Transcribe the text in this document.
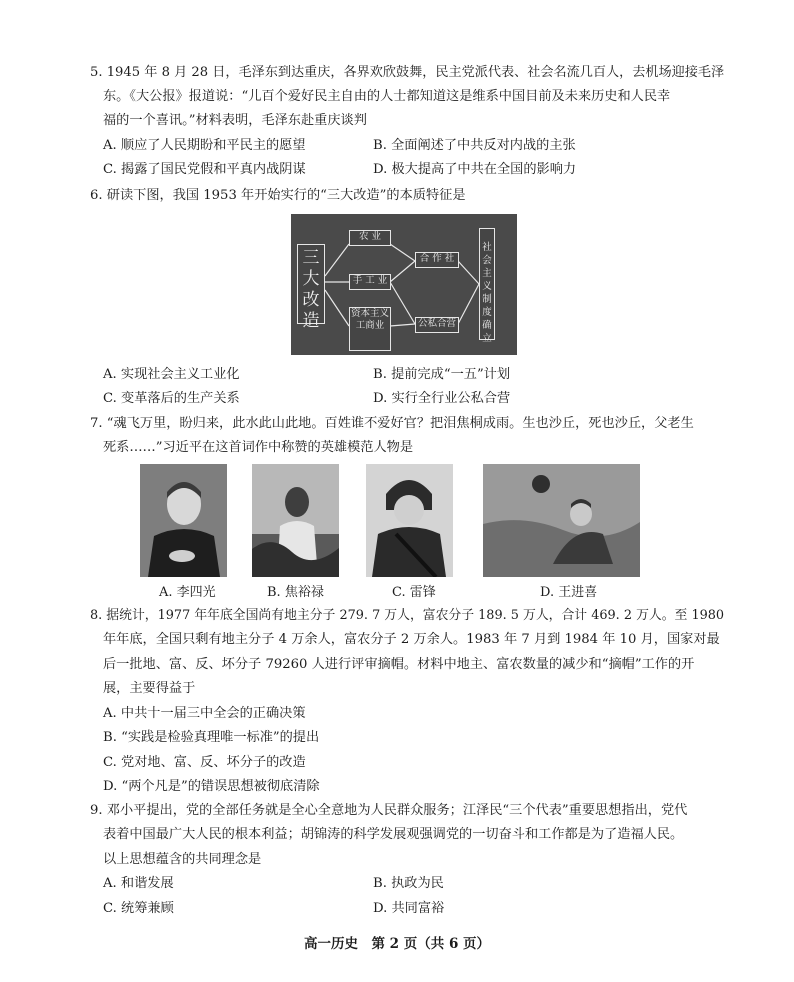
5. 1945 年 8 月 28 日，毛泽东到达重庆，各界欢欣鼓舞，民主党派代表、社会名流几百人，去机场迎接毛泽
东。《大公报》报道说：“儿百个爱好民主自由的人士都知道这是维系中国目前及未来历史和人民幸
福的一个喜讯。”材料表明，毛泽东赴重庆谈判
A. 顺应了人民期盼和平民主的愿望	B. 全面阐述了中共反对内战的主张
C. 揭露了国民党假和平真内战阴谋	D. 极大提高了中共在全国的影响力
6. 研读下图，我国 1953 年开始实行的“三大改造”的本质特征是
三大改造
农 业
手 工 业
资本主义工商业
合 作 社
公私合营
社会主义制度确立
A. 实现社会主义工业化	B. 提前完成“一五”计划
C. 变革落后的生产关系	D. 实行全行业公私合营
7. “魂飞万里，盼归来，此水此山此地。百姓谁不爱好官？把泪焦桐成雨。生也沙丘，死也沙丘，父老生
死系……”习近平在这首词作中称赞的英雄模范人物是
A. 李四光	B. 焦裕禄	C. 雷锋	D. 王进喜
8. 据统计，1977 年年底全国尚有地主分子 279. 7 万人，富农分子 189. 5 万人，合计 469. 2 万人。至 1980
年年底，全国只剩有地主分子 4 万余人，富农分子 2 万余人。1983 年 7 月到 1984 年 10 月，国家对最
后一批地、富、反、坏分子 79260 人进行评审摘帽。材料中地主、富农数量的减少和“摘帽”工作的开
展，主要得益于
A. 中共十一届三中全会的正确决策
B. “实践是检验真理唯一标准”的提出
C. 党对地、富、反、坏分子的改造
D. “两个凡是”的错误思想被彻底清除
9. 邓小平提出，党的全部任务就是全心全意地为人民群众服务；江泽民“三个代表”重要思想指出，党代
表着中国最广大人民的根本利益；胡锦涛的科学发展观强调党的一切奋斗和工作都是为了造福人民。
以上思想蕴含的共同理念是
A. 和谐发展	B. 执政为民
C. 统筹兼顾	D. 共同富裕
高一历史　第 2 页（共 6 页）
